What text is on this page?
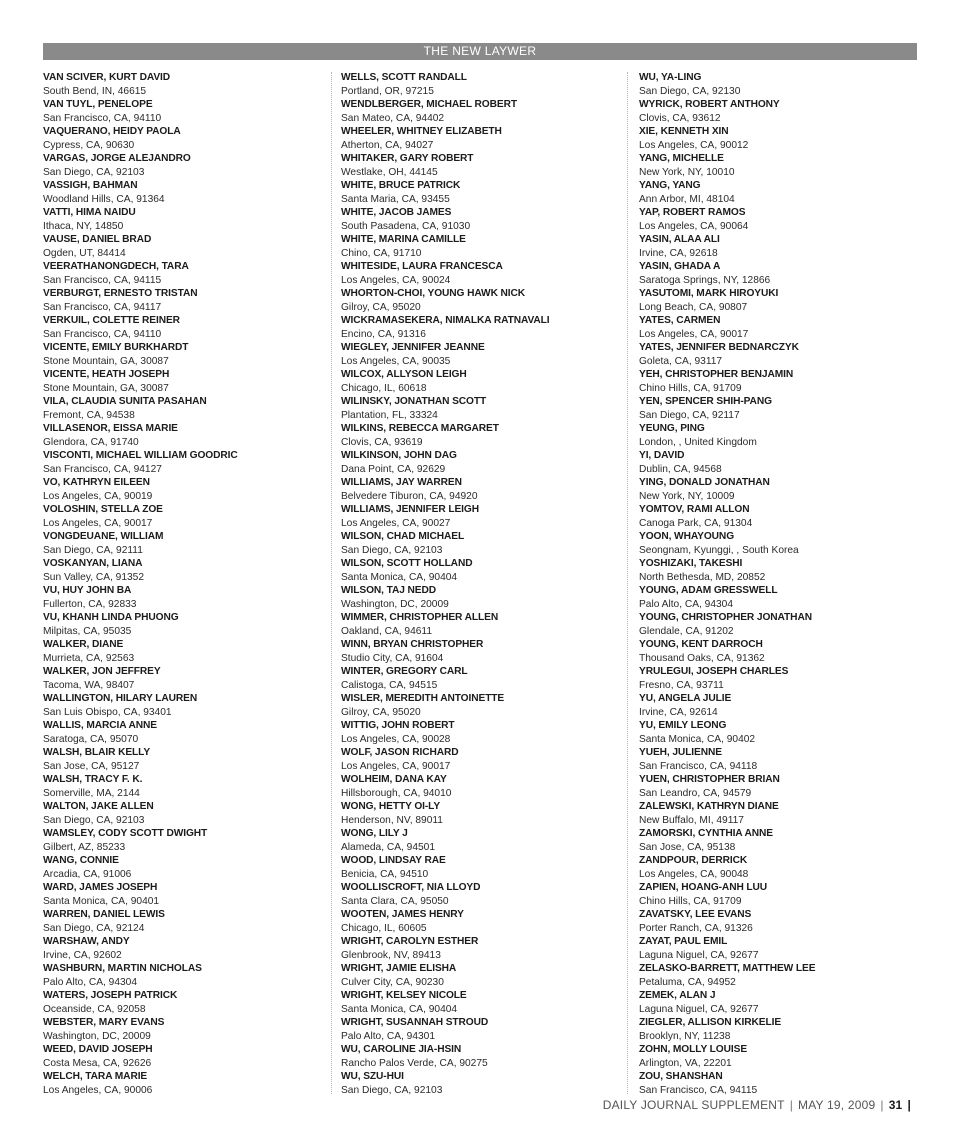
THE NEW LAYWER
VAN SCIVER, KURT DAVID
South Bend, IN, 46615
VAN TUYL, PENELOPE
San Francisco, CA, 94110
VAQUERANO, HEIDY PAOLA
Cypress, CA, 90630
VARGAS, JORGE ALEJANDRO
San Diego, CA, 92103
VASSIGH, BAHMAN
Woodland Hills, CA, 91364
VATTI, HIMA NAIDU
Ithaca, NY, 14850
VAUSE, DANIEL BRAD
Ogden, UT, 84414
VEERATHANONGDECH, TARA
San Francisco, CA, 94115
VERBURGT, ERNESTO TRISTAN
San Francisco, CA, 94117
VERKUIL, COLETTE REINER
San Francisco, CA, 94110
VICENTE, EMILY BURKHARDT
Stone Mountain, GA, 30087
VICENTE, HEATH JOSEPH
Stone Mountain, GA, 30087
VILA, CLAUDIA SUNITA PASAHAN
Fremont, CA, 94538
VILLASENOR, EISSA MARIE
Glendora, CA, 91740
VISCONTI, MICHAEL WILLIAM GOODRIC
San Francisco, CA, 94127
VO, KATHRYN EILEEN
Los Angeles, CA, 90019
VOLOSHIN, STELLA ZOE
Los Angeles, CA, 90017
VONGDEUANE, WILLIAM
San Diego, CA, 92111
VOSKANYAN, LIANA
Sun Valley, CA, 91352
VU, HUY JOHN BA
Fullerton, CA, 92833
VU, KHANH LINDA PHUONG
Milpitas, CA, 95035
WALKER, DIANE
Murrieta, CA, 92563
WALKER, JON JEFFREY
Tacoma, WA, 98407
WALLINGTON, HILARY LAUREN
San Luis Obispo, CA, 93401
WALLIS, MARCIA ANNE
Saratoga, CA, 95070
WALSH, BLAIR KELLY
San Jose, CA, 95127
WALSH, TRACY F. K.
Somerville, MA, 2144
WALTON, JAKE ALLEN
San Diego, CA, 92103
WAMSLEY, CODY SCOTT DWIGHT
Gilbert, AZ, 85233
WANG, CONNIE
Arcadia, CA, 91006
WARD, JAMES JOSEPH
Santa Monica, CA, 90401
WARREN, DANIEL LEWIS
San Diego, CA, 92124
WARSHAW, ANDY
Irvine, CA, 92602
WASHBURN, MARTIN NICHOLAS
Palo Alto, CA, 94304
WATERS, JOSEPH PATRICK
Oceanside, CA, 92058
WEBSTER, MARY EVANS
Washington, DC, 20009
WEED, DAVID JOSEPH
Costa Mesa, CA, 92626
WELCH, TARA MARIE
Los Angeles, CA, 90006
WELLS, SCOTT RANDALL
Portland, OR, 97215
WENDLBERGER, MICHAEL ROBERT
San Mateo, CA, 94402
WHEELER, WHITNEY ELIZABETH
Atherton, CA, 94027
WHITAKER, GARY ROBERT
Westlake, OH, 44145
WHITE, BRUCE PATRICK
Santa Maria, CA, 93455
WHITE, JACOB JAMES
South Pasadena, CA, 91030
WHITE, MARINA CAMILLE
Chino, CA, 91710
WHITESIDE, LAURA FRANCESCA
Los Angeles, CA, 90024
WHORTON-CHOI, YOUNG HAWK NICK
Gilroy, CA, 95020
WICKRAMASEKERA, NIMALKA RATNAVALI
Encino, CA, 91316
WIEGLEY, JENNIFER JEANNE
Los Angeles, CA, 90035
WILCOX, ALLYSON LEIGH
Chicago, IL, 60618
WILINSKY, JONATHAN SCOTT
Plantation, FL, 33324
WILKINS, REBECCA MARGARET
Clovis, CA, 93619
WILKINSON, JOHN DAG
Dana Point, CA, 92629
WILLIAMS, JAY WARREN
Belvedere Tiburon, CA, 94920
WILLIAMS, JENNIFER LEIGH
Los Angeles, CA, 90027
WILSON, CHAD MICHAEL
San Diego, CA, 92103
WILSON, SCOTT HOLLAND
Santa Monica, CA, 90404
WILSON, TAJ NEDD
Washington, DC, 20009
WIMMER, CHRISTOPHER ALLEN
Oakland, CA, 94611
WINN, BRYAN CHRISTOPHER
Studio City, CA, 91604
WINTER, GREGORY CARL
Calistoga, CA, 94515
WISLER, MEREDITH ANTOINETTE
Gilroy, CA, 95020
WITTIG, JOHN ROBERT
Los Angeles, CA, 90028
WOLF, JASON RICHARD
Los Angeles, CA, 90017
WOLHEIM, DANA KAY
Hillsborough, CA, 94010
WONG, HETTY OI-LY
Henderson, NV, 89011
WONG, LILY J
Alameda, CA, 94501
WOOD, LINDSAY RAE
Benicia, CA, 94510
WOOLLISCROFT, NIA LLOYD
Santa Clara, CA, 95050
WOOTEN, JAMES HENRY
Chicago, IL, 60605
WRIGHT, CAROLYN ESTHER
Glenbrook, NV, 89413
WRIGHT, JAMIE ELISHA
Culver City, CA, 90230
WRIGHT, KELSEY NICOLE
Santa Monica, CA, 90404
WRIGHT, SUSANNAH STROUD
Palo Alto, CA, 94301
WU, CAROLINE JIA-HSIN
Rancho Palos Verde, CA, 90275
WU, SZU-HUI
San Diego, CA, 92103
WU, YA-LING
San Diego, CA, 92130
WYRICK, ROBERT ANTHONY
Clovis, CA, 93612
XIE, KENNETH XIN
Los Angeles, CA, 90012
YANG, MICHELLE
New York, NY, 10010
YANG, YANG
Ann Arbor, MI, 48104
YAP, ROBERT RAMOS
Los Angeles, CA, 90064
YASIN, ALAA ALI
Irvine, CA, 92618
YASIN, GHADA A
Saratoga Springs, NY, 12866
YASUTOMI, MARK HIROYUKI
Long Beach, CA, 90807
YATES, CARMEN
Los Angeles, CA, 90017
YATES, JENNIFER BEDNARCZYK
Goleta, CA, 93117
YEH, CHRISTOPHER BENJAMIN
Chino Hills, CA, 91709
YEN, SPENCER SHIH-PANG
San Diego, CA, 92117
YEUNG, PING
London, , United Kingdom
YI, DAVID
Dublin, CA, 94568
YING, DONALD JONATHAN
New York, NY, 10009
YOMTOV, RAMI ALLON
Canoga Park, CA, 91304
YOON, WHAYOUNG
Seongnam, Kyunggi, , South Korea
YOSHIZAKI, TAKESHI
North Bethesda, MD, 20852
YOUNG, ADAM GRESSWELL
Palo Alto, CA, 94304
YOUNG, CHRISTOPHER JONATHAN
Glendale, CA, 91202
YOUNG, KENT DARROCH
Thousand Oaks, CA, 91362
YRULEGUI, JOSEPH CHARLES
Fresno, CA, 93711
YU, ANGELA JULIE
Irvine, CA, 92614
YU, EMILY LEONG
Santa Monica, CA, 90402
YUEH, JULIENNE
San Francisco, CA, 94118
YUEN, CHRISTOPHER BRIAN
San Leandro, CA, 94579
ZALEWSKI, KATHRYN DIANE
New Buffalo, MI, 49117
ZAMORSKI, CYNTHIA ANNE
San Jose, CA, 95138
ZANDPOUR, DERRICK
Los Angeles, CA, 90048
ZAPIEN, HOANG-ANH LUU
Chino Hills, CA, 91709
ZAVATSKY, LEE EVANS
Porter Ranch, CA, 91326
ZAYAT, PAUL EMIL
Laguna Niguel, CA, 92677
ZELASKO-BARRETT, MATTHEW LEE
Petaluma, CA, 94952
ZEMEK, ALAN J
Laguna Niguel, CA, 92677
ZIEGLER, ALLISON KIRKELIE
Brooklyn, NY, 11238
ZOHN, MOLLY LOUISE
Arlington, VA, 22201
ZOU, SHANSHAN
San Francisco, CA, 94115
DAILY JOURNAL SUPPLEMENT | MAY 19, 2009 | 31 |
